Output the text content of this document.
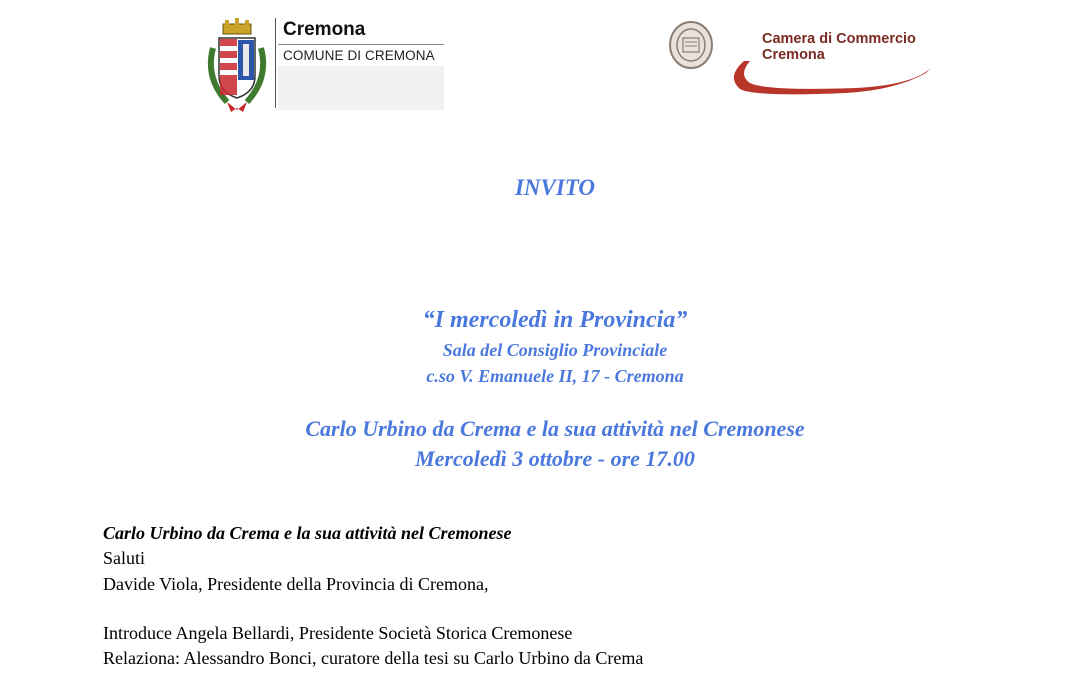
Cremona
COMUNE DI CREMONA
Camera di Commercio
Cremona
INVITO
“I mercoledì in Provincia”
Sala del Consiglio Provinciale
c.so V. Emanuele II, 17 - Cremona
Carlo Urbino da Crema e la sua attività nel Cremonese
Mercoledì 3 ottobre - ore 17.00
Carlo Urbino da Crema e la sua attività nel Cremonese
Saluti
Davide Viola, Presidente della Provincia di Cremona,
Introduce Angela Bellardi, Presidente Società Storica Cremonese
Relaziona: Alessandro Bonci, curatore della tesi su Carlo Urbino da Crema
